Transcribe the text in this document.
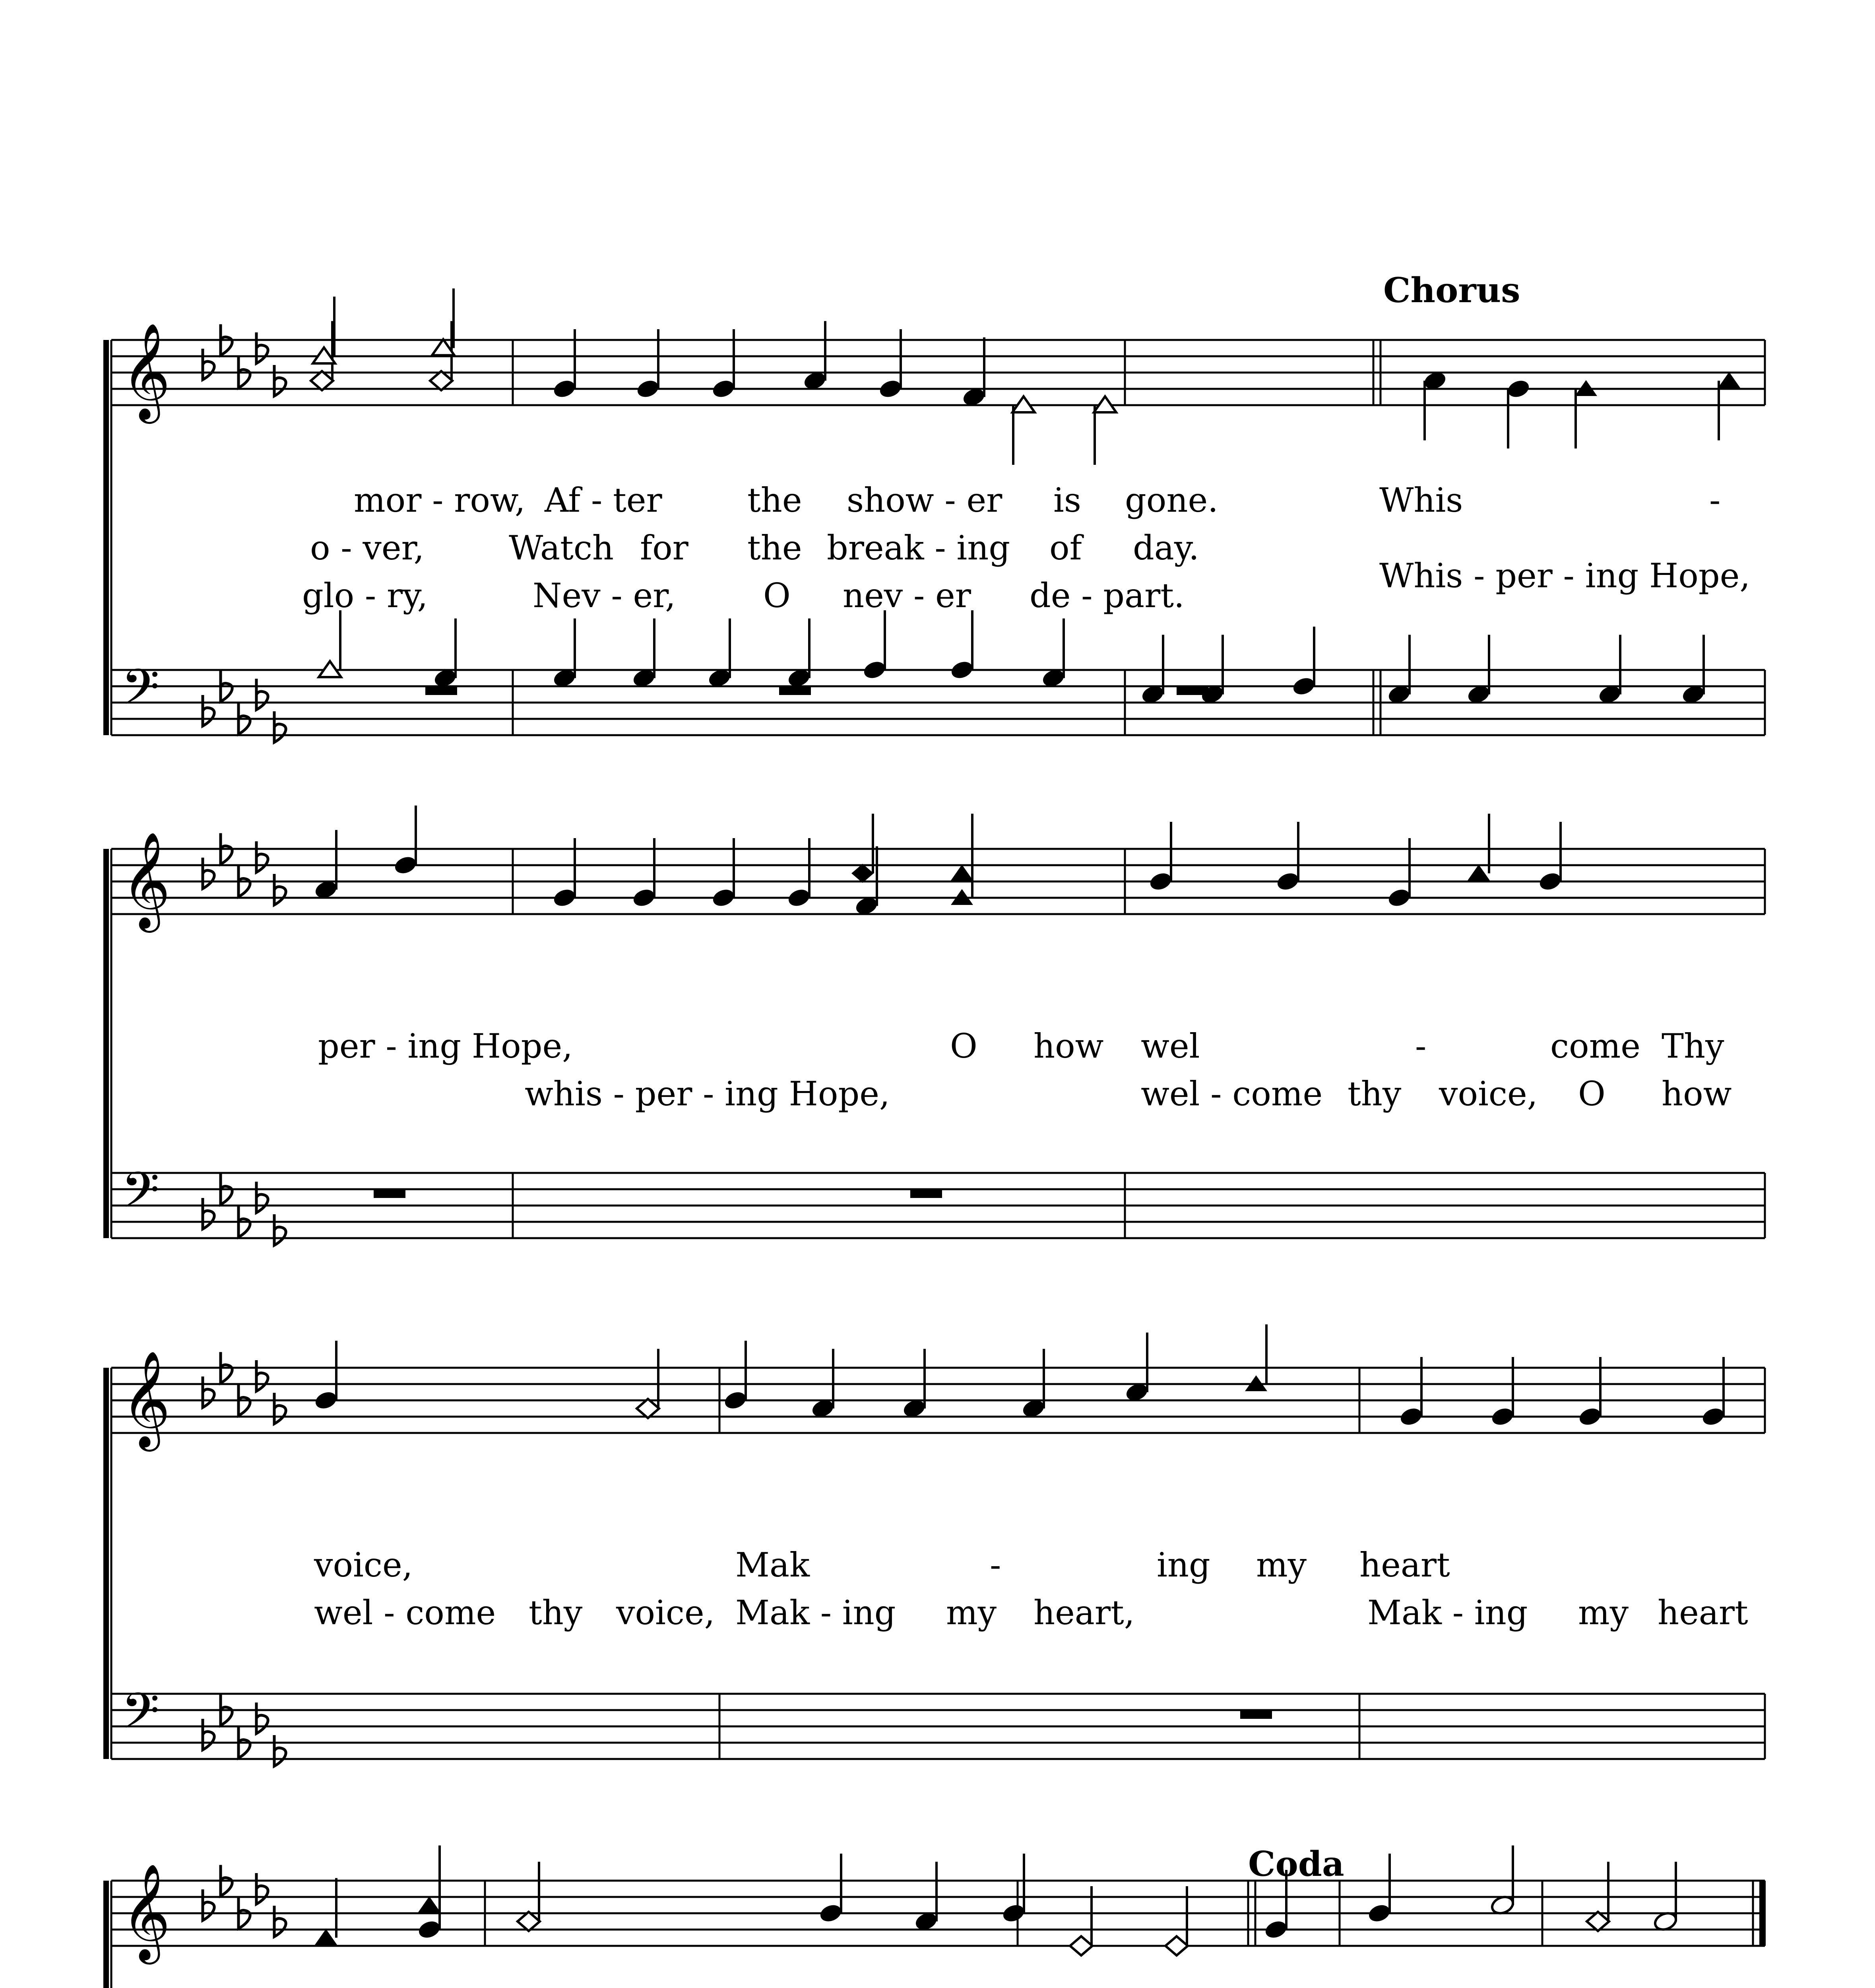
𝄞
𝄢
𝄞
𝄢
𝄞
𝄢
𝄞
Chorus
Coda
mor - row, Af - ter	the show - er is gone.	Whis	-
o - ver,	Watch for the break - ing of day.
glo - ry,	Nev - er,	O nev - er de - part.
Whis - per - ing Hope,
per - ing Hope,	O how wel	-	come Thy
whis - per - ing Hope,	wel - come thy voice, O how
voice,	Mak	-	ing my heart
wel - come thy voice, Mak - ing my heart,	Mak - ing my heart
